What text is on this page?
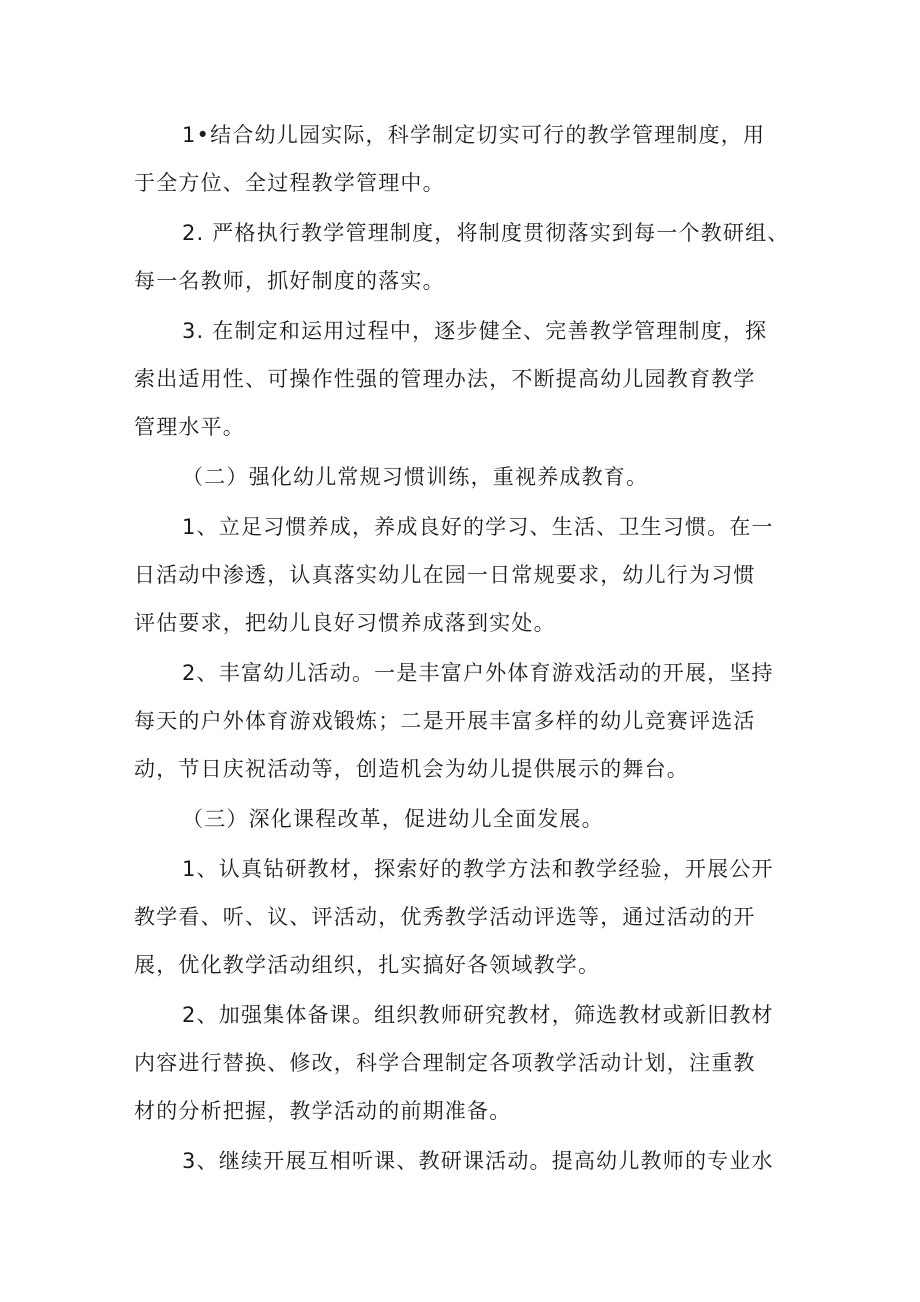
1•结合幼儿园实际，科学制定切实可行的教学管理制度，用
于全方位、全过程教学管理中。
2. 严格执行教学管理制度，将制度贯彻落实到每一个教研组、
每一名教师，抓好制度的落实。
3. 在制定和运用过程中，逐步健全、完善教学管理制度，探
索出适用性、可操作性强的管理办法，不断提高幼儿园教育教学
管理水平。
（二）强化幼儿常规习惯训练，重视养成教育。
1、立足习惯养成，养成良好的学习、生活、卫生习惯。在一
日活动中渗透，认真落实幼儿在园一日常规要求，幼儿行为习惯
评估要求，把幼儿良好习惯养成落到实处。
2、丰富幼儿活动。一是丰富户外体育游戏活动的开展，坚持
每天的户外体育游戏锻炼；二是开展丰富多样的幼儿竞赛评选活
动，节日庆祝活动等，创造机会为幼儿提供展示的舞台。
（三）深化课程改革，促进幼儿全面发展。
1、认真钻研教材，探索好的教学方法和教学经验，开展公开
教学看、听、议、评活动，优秀教学活动评选等，通过活动的开
展，优化教学活动组织，扎实搞好各领域教学。
2、加强集体备课。组织教师研究教材，筛选教材或新旧教材
内容进行替换、修改，科学合理制定各项教学活动计划，注重教
材的分析把握，教学活动的前期准备。
3、继续开展互相听课、教研课活动。提高幼儿教师的专业水
